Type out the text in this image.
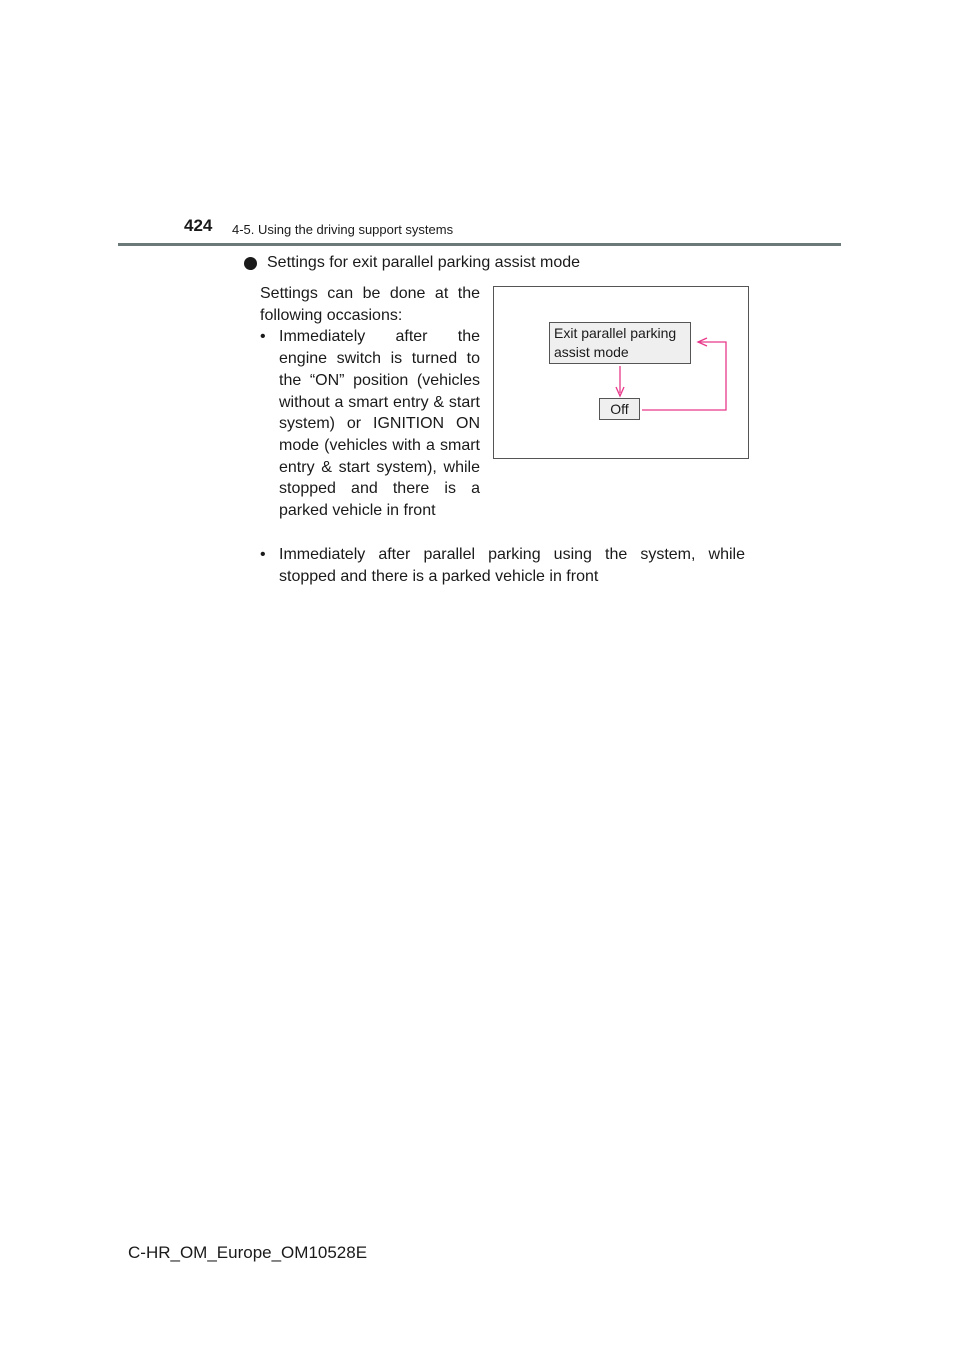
424 4-5. Using the driving support systems
Settings for exit parallel parking assist mode
Settings can be done at the following occasions:
• Immediately after the engine switch is turned to the “ON” position (vehicles without a smart entry & start system) or IGNITION ON mode (vehicles with a smart entry & start system), while stopped and there is a parked vehicle in front
• Immediately after parallel parking using the system, while stopped and there is a parked vehicle in front
Exit parallel parking assist mode
Off
C-HR_OM_Europe_OM10528E
